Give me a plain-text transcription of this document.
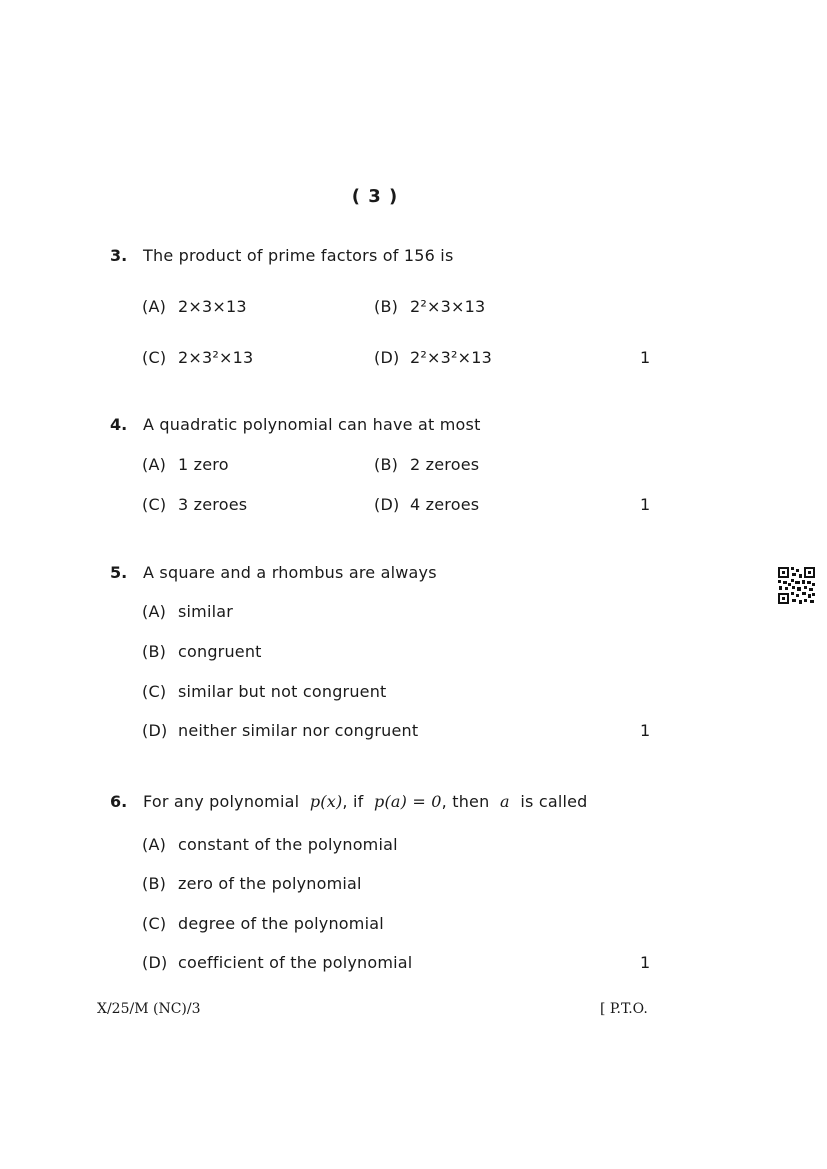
( 3 )
3. The product of prime factors of 156 is
(A) 2×3×13	(B) 2²×3×13
(C) 2×3²×13	(D) 2²×3²×13	1
4. A quadratic polynomial can have at most
(A) 1 zero	(B) 2 zeroes
(C) 3 zeroes	(D) 4 zeroes	1
5. A square and a rhombus are always
(A) similar
(B) congruent
(C) similar but not congruent
(D) neither similar nor congruent	1
6. For any polynomial p(x), if p(a) = 0, then a is called
(A) constant of the polynomial
(B) zero of the polynomial
(C) degree of the polynomial
(D) coefficient of the polynomial	1
X/25/M (NC)/3	[ P.T.O.
